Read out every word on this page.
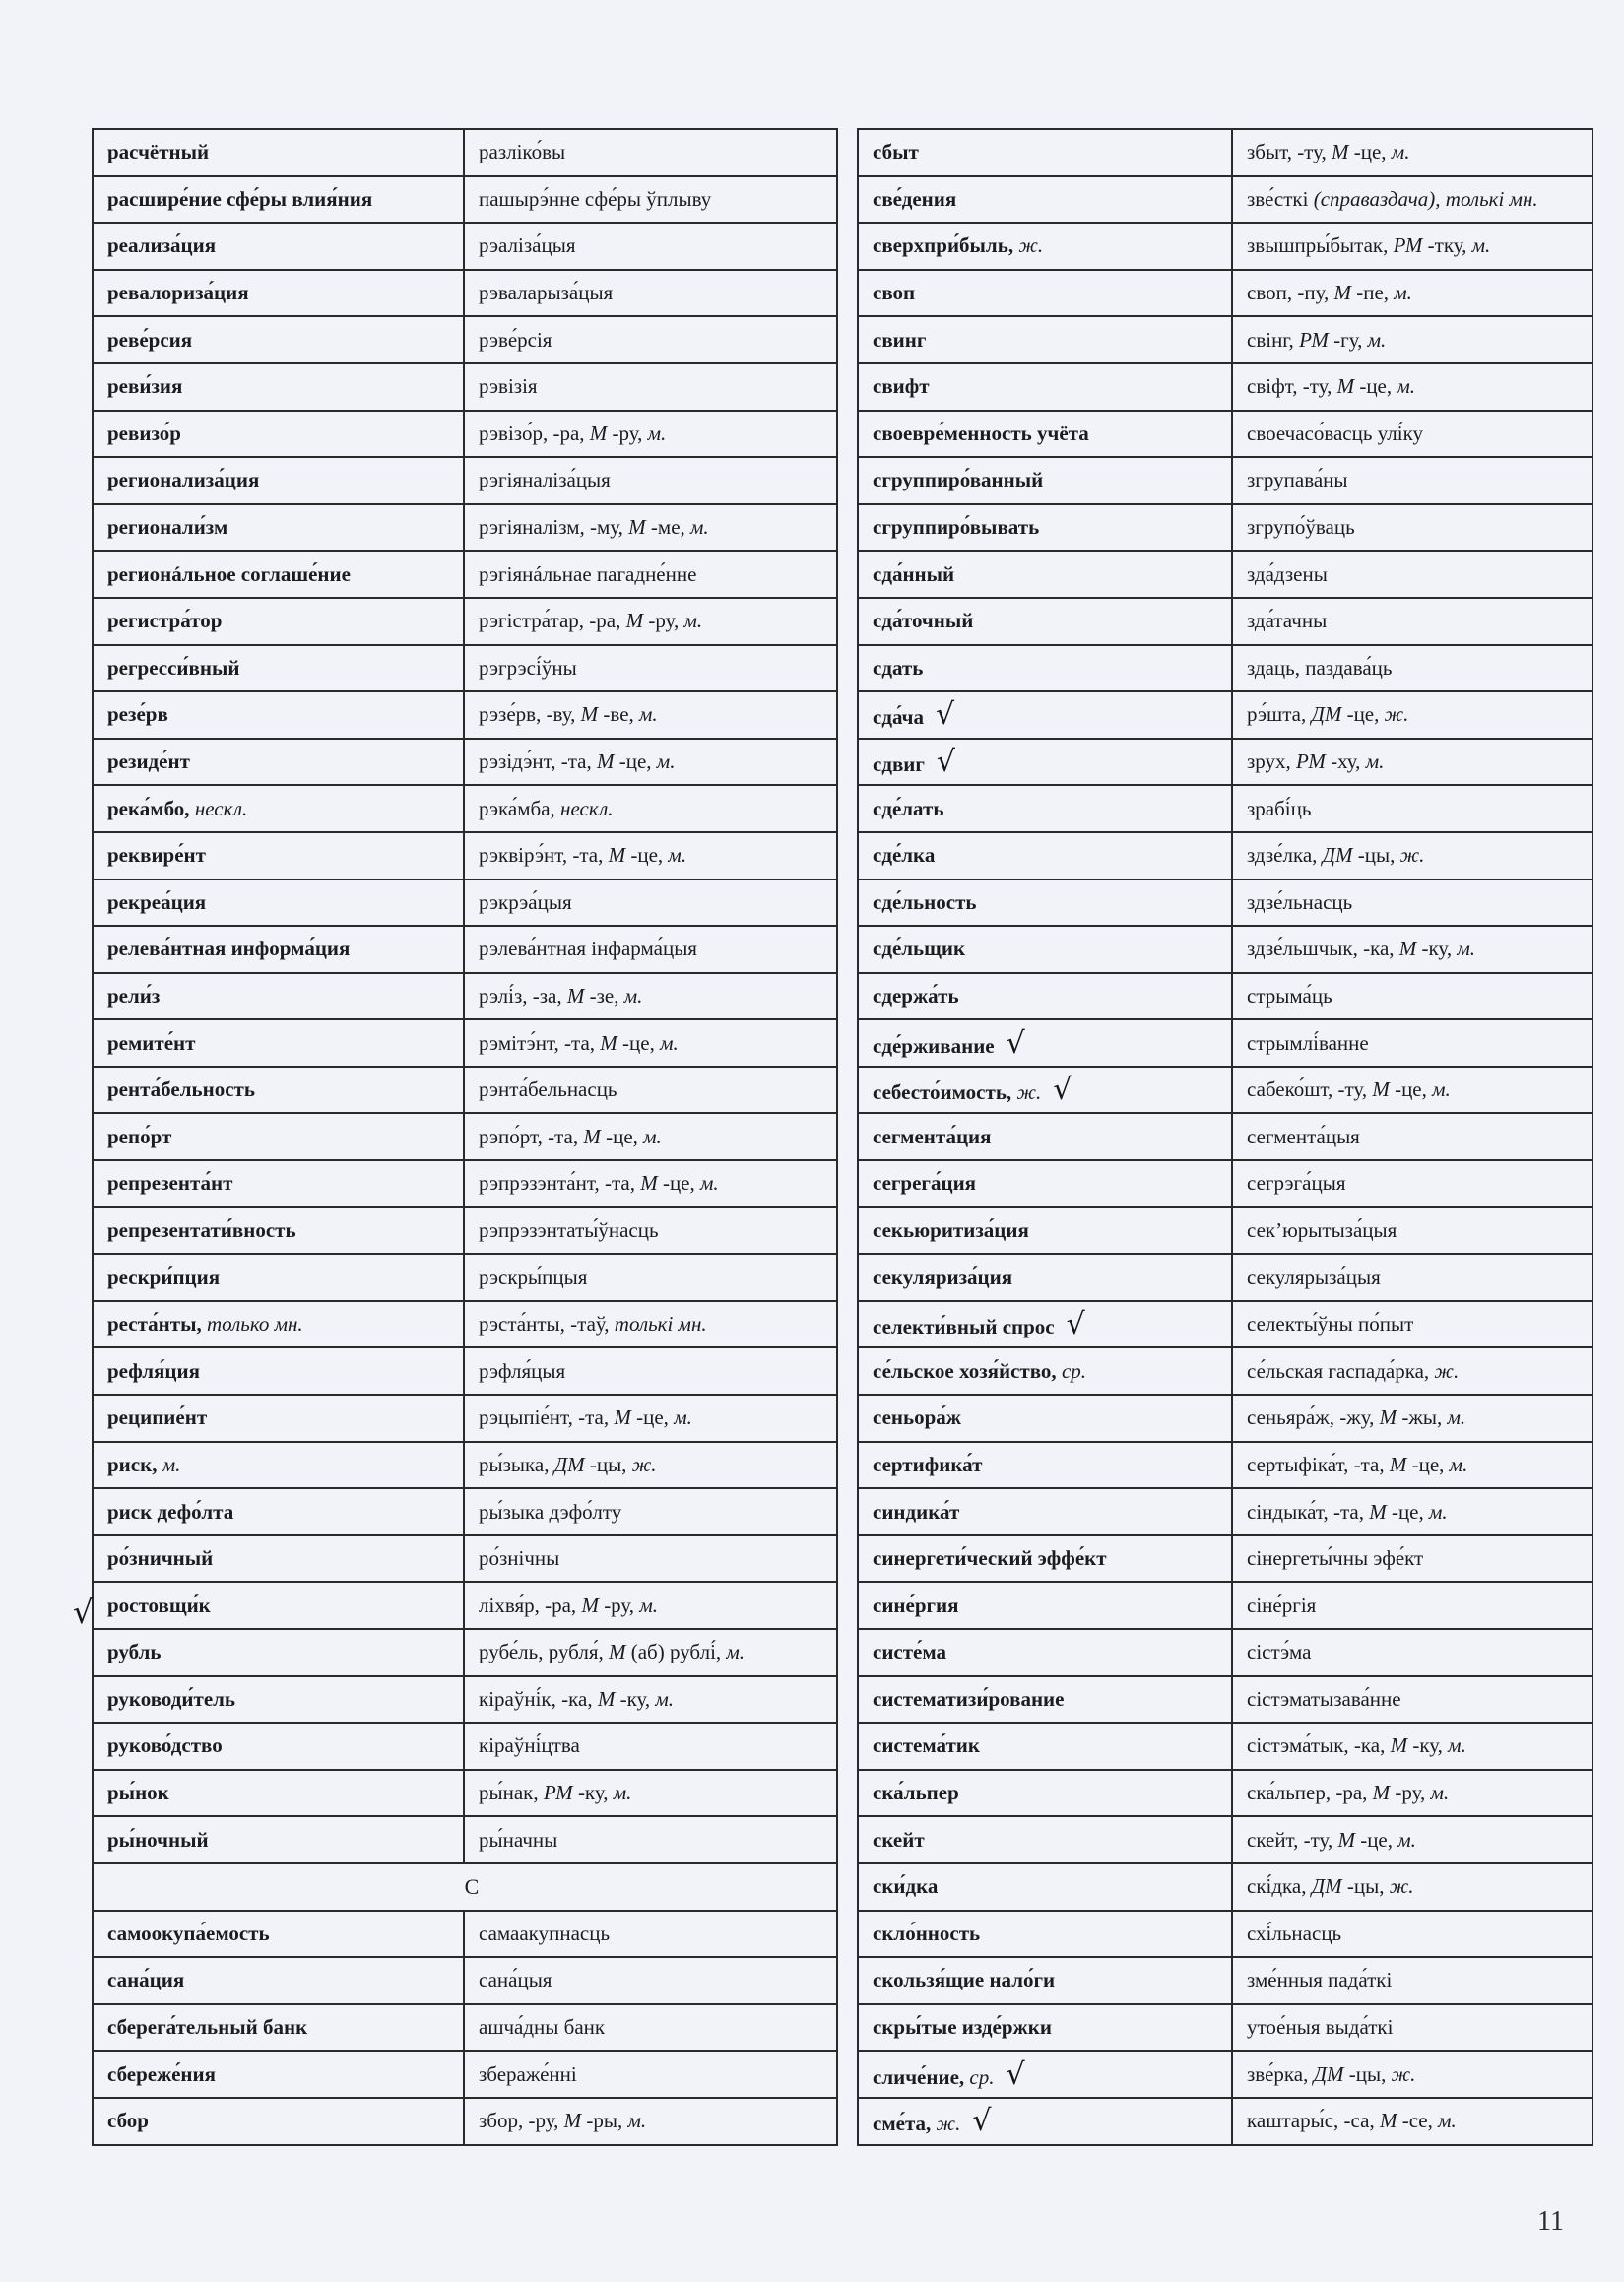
расчётный	разліко́вы
расшире́ние сфе́ры влия́ния	пашырэ́нне сфе́ры ўплыву
реализа́ция	рэаліза́цыя
ревалориза́ция	рэваларыза́цыя
реве́рсия	рэве́рсія
реви́зия	рэвізія
ревизо́р	рэвізо́р, -ра, М -ру, м.
регионализа́ция	рэгіяналіза́цыя
регионали́зм	рэгіяналізм, -му, М -ме, м.
регионáльное соглаше́ние	рэгіянáльнае пагадне́нне
регистра́тор	рэгістра́тар, -ра, М -ру, м.
регресси́вный	рэгрэсі́ўны
резе́рв	рэзе́рв, -ву, М -ве, м.
резиде́нт	рэзідэ́нт, -та, М -це, м.
река́мбо, нескл.	рэка́мба, нескл.
реквире́нт	рэквірэ́нт, -та, М -це, м.
рекреа́ция	рэкрэа́цыя
релева́нтная информа́ция	рэлева́нтная інфарма́цыя
рели́з	рэлі́з, -за, М -зе, м.
ремите́нт	рэмітэ́нт, -та, М -це, м.
рента́бельность	рэнта́бельнасць
репо́рт	рэпо́рт, -та, М -це, м.
репрезента́нт	рэпрэзэнта́нт, -та, М -це, м.
репрезентати́вность	рэпрэзэнтаты́ўнасць
рескри́пция	рэскры́пцыя
реста́нты, только мн.	рэста́нты, -таў, толькі мн.
рефля́ция	рэфля́цыя
реципие́нт	рэцыпіе́нт, -та, М -це, м.
риск, м.	ры́зыка, ДМ -цы, ж.
риск дефо́лта	ры́зыка дэфо́лту
ро́зничный	ро́знічны
ростовщи́к	ліхвя́р, -ра, М -ру, м.
рубль	рубе́ль, рубля́, М (аб) рублі́, м.
руководи́тель	кіраўні́к, -ка, М -ку, м.
руково́дство	кіраўні́цтва
ры́нок	ры́нак, РМ -ку, м.
ры́ночный	ры́начны
С	
самоокупа́емость	самаакупнасць
сана́ция	сана́цыя
сберега́тельный банк	ашча́дны банк
сбереже́ния	збераже́нні
сбор	збор, -ру, М -ры, м.
сбыт	збыт, -ту, М -це, м.
све́дения	зве́сткі (справаздача), толькі мн.
сверхпри́быль, ж.	звышпры́бытак, РМ -тку, м.
своп	своп, -пу, М -пе, м.
свинг	свінг, РМ -гу, м.
свифт	свіфт, -ту, М -це, м.
своевре́менность учёта	своечасо́васць улі́ку
сгруппиро́ванный	згрупава́ны
сгруппиро́вывать	згрупо́ўваць
сда́нный	зда́дзены
сда́точный	зда́тачны
сдать	здаць, паздава́ць
сда́ча √	рэ́шта, ДМ -це, ж.
сдвиг √	зрух, РМ -ху, м.
сде́лать	зрабі́ць
сде́лка	здзе́лка, ДМ -цы, ж.
сде́льность	здзе́льнасць
сде́льщик	здзе́льшчык, -ка, М -ку, м.
сдержа́ть	стрыма́ць
сде́рживание √	стрымлі́ванне
себесто́имость, ж. √	сабеко́шт, -ту, М -це, м.
сегмента́ция	сегмента́цыя
сегрега́ция	сегрэга́цыя
секьюритиза́ция	сек’юрытыза́цыя
секуляриза́ция	секулярыза́цыя
селекти́вный спрос √	селекты́ўны по́пыт
се́льское хозя́йство, ср.	се́льская гаспада́рка, ж.
сеньора́ж	сеньяра́ж, -жу, М -жы, м.
сертифика́т	сертыфіка́т, -та, М -це, м.
синдика́т	сіндыка́т, -та, М -це, м.
синергети́ческий эффе́кт	сінергеты́чны эфе́кт
сине́ргия	сіне́ргія
систе́ма	сістэ́ма
систематизи́рование	сістэматызава́нне
система́тик	сістэма́тык, -ка, М -ку, м.
ска́льпер	ска́льпер, -ра, М -ру, м.
скейт	скейт, -ту, М -це, м.
ски́дка	скі́дка, ДМ -цы, ж.
скло́нность	схі́льнасць
скользя́щие нало́ги	зме́нныя пада́ткі
скры́тые изде́ржки	утое́ныя выда́ткі
сличе́ние, ср. √	зве́рка, ДМ -цы, ж.
сме́та, ж. √	каштары́с, -са, М -се, м.
√
11
